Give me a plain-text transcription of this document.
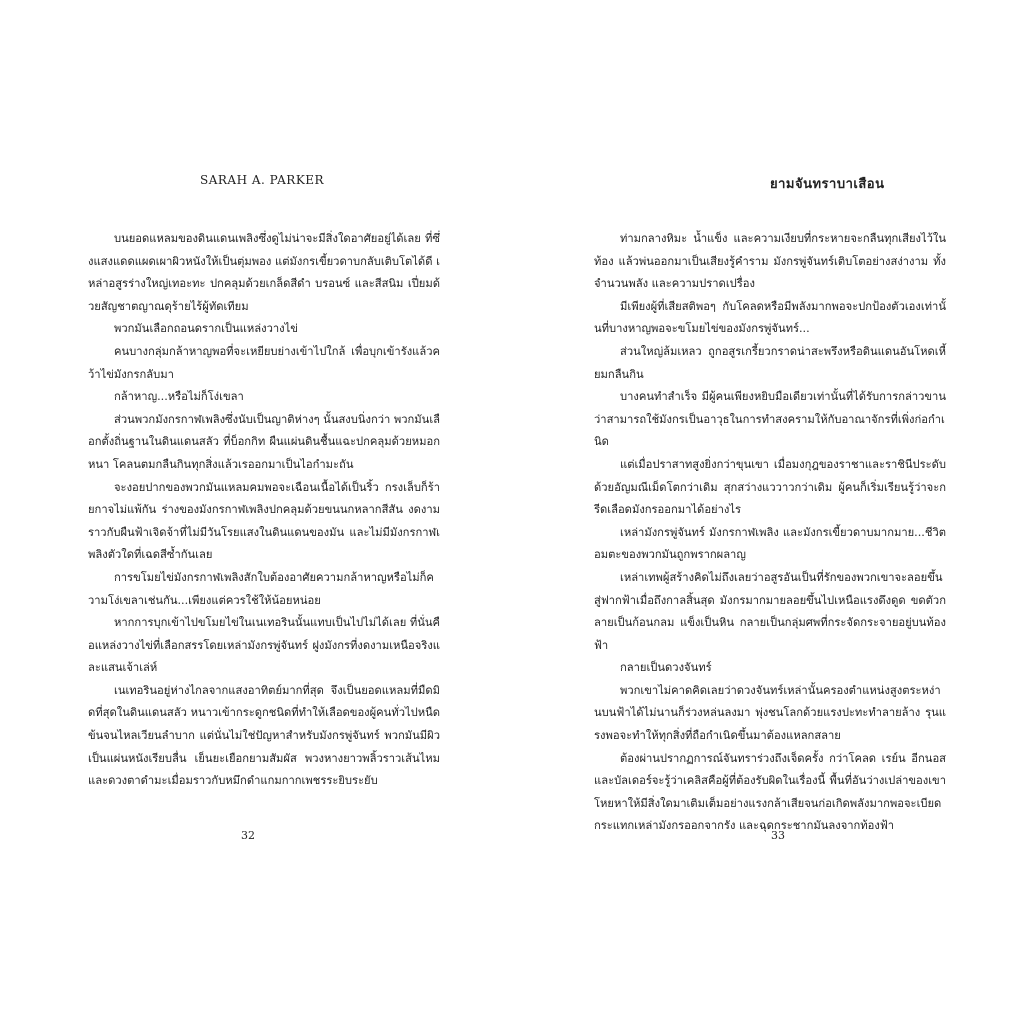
SARAH A. PARKER

บนยอดแหลมของดินแดนเพลิงซึ่งดูไม่น่าจะมีสิ่งใดอาศัยอยู่ได้เลย ที่ซึ่งแสงแดดแผดเผาผิวหนังให้เป็นตุ่มพอง แต่มังกรเขี้ยวดาบกลับเติบโตได้ดี เหล่าอสูรร่างใหญ่เทอะทะ ปกคลุมด้วยเกล็ดสีดำ บรอนซ์ และสีสนิม เปี่ยมด้วยสัญชาตญาณดุร้ายไร้ผู้ทัดเทียม

พวกมันเลือกถอนดรากเป็นแหล่งวางไข่

คนบางกลุ่มกล้าหาญพอที่จะเหยียบย่างเข้าไปใกล้ เพื่อบุกเข้ารังแล้วคว้าไข่มังกรกลับมา

กล้าหาญ...หรือไม่ก็โง่เขลา

ส่วนพวกมังกรกาฬเพลิงซึ่งนับเป็นญาติห่างๆ นั้นสงบนิ่งกว่า พวกมันเลือกตั้งถิ่นฐานในดินแดนสลัว ที่บ็อกกิท ผืนแผ่นดินชื้นแฉะปกคลุมด้วยหมอกหนา โคลนตมกลืนกินทุกสิ่งแล้วเรออกมาเป็นไอกำมะถัน

จะงอยปากของพวกมันแหลมคมพอจะเฉือนเนื้อได้เป็นริ้ว กรงเล็บก็ร้ายกาจไม่แพ้กัน ร่างของมังกรกาฬเพลิงปกคลุมด้วยขนนกหลากสีสัน งดงามราวกับผืนฟ้าเจิดจ้าที่ไม่มีวันโรยแสงในดินแดนของมัน และไม่มีมังกรกาฬเพลิงตัวใดที่เฉดสีซ้ำกันเลย

การขโมยไข่มังกรกาฬเพลิงสักใบต้องอาศัยความกล้าหาญหรือไม่ก็ความโง่เขลาเช่นกัน...เพียงแต่ควรใช้ให้น้อยหน่อย

หากการบุกเข้าไปขโมยไข่ในเนเทอรินนั้นแทบเป็นไปไม่ได้เลย ที่นั่นคือแหล่งวางไข่ที่เลือกสรรโดยเหล่ามังกรพู่จันทร์ ฝูงมังกรที่งดงามเหนือจริงและแสนเจ้าเล่ห์

เนเทอรินอยู่ห่างไกลจากแสงอาทิตย์มากที่สุด จึงเป็นยอดแหลมที่มืดมิดที่สุดในดินแดนสลัว หนาวเข้ากระดูกชนิดที่ทำให้เลือดของผู้คนทั่วไปหนืดข้นจนไหลเวียนลำบาก แต่นั่นไม่ใช่ปัญหาสำหรับมังกรพู่จันทร์ พวกมันมีผิวเป็นแผ่นหนังเรียบลื่น เย็นยะเยือกยามสัมผัส พวงหางยาวพลิ้วราวเส้นไหม และดวงตาดำมะเมื่อมราวกับหมึกดำแกมกากเพชรระยิบระยับ

32
ยามจันทราบาเสือน

ท่ามกลางหิมะ น้ำแข็ง และความเงียบที่กระหายจะกลืนทุกเสียงไว้ในท้อง แล้วพ่นออกมาเป็นเสียงรู้คำราม มังกรพู่จันทร์เติบโตอย่างสง่างาม ทั้งจำนวนพลัง และความปราดเปรื่อง

มีเพียงผู้ที่เสียสติพอๆ กับโคลดหรือมีพลังมากพอจะปกป้องตัวเองเท่านั้นที่บางหาญพอจะขโมยไข่ของมังกรพู่จันทร์...

ส่วนใหญ่ล้มเหลว ถูกอสูรเกรี้ยวกราดน่าสะพรึงหรือดินแดนอันโหดเหี้ยมกลืนกิน

บางคนทำสำเร็จ มีผู้คนเพียงหยิบมือเดียวเท่านั้นที่ได้รับการกล่าวขานว่าสามารถใช้มังกรเป็นอาวุธในการทำสงครามให้กับอาณาจักรที่เพิ่งก่อกำเนิด

แต่เมื่อปราสาทสูงยิ่งกว่าขุนเขา เมื่อมงกุฎของราชาและราชินีประดับด้วยอัญมณีเม็ดโตกว่าเดิม สุกสว่างแววาวกว่าเดิม ผู้คนก็เริ่มเรียนรู้ว่าจะกรีดเลือดมังกรออกมาได้อย่างไร

เหล่ามังกรพู่จันทร์ มังกรกาฬเพลิง และมังกรเขี้ยวดาบมากมาย...ชีวิตอมตะของพวกมันถูกพรากผลาญ

เหล่าเทพผู้สร้างคิดไม่ถึงเลยว่าอสูรอันเป็นที่รักของพวกเขาจะลอยขึ้นสู่ฟากฟ้าเมื่อถึงกาลสิ้นสุด มังกรมากมายลอยขึ้นไปเหนือแรงดึงดูด ขดตัวกลายเป็นก้อนกลม แข็งเป็นหิน กลายเป็นกลุ่มศพที่กระจัดกระจายอยู่บนท้องฟ้า

กลายเป็นดวงจันทร์

พวกเขาไม่คาดคิดเลยว่าดวงจันทร์เหล่านั้นครองตำแหน่งสูงตระหง่านบนฟ้าได้ไม่นานก็ร่วงหล่นลงมา พุ่งชนโลกด้วยแรงปะทะทำลายล้าง รุนแรงพอจะทำให้ทุกสิ่งที่ถือกำเนิดขึ้นมาต้องแหลกสลาย

ต้องผ่านปรากฏการณ์จันทราร่วงถึงเจ็ดครั้ง กว่าโคลด เรย์น อีกนอส และบัลเดอร์จะรู้ว่าเคลิสคือผู้ที่ต้องรับผิดในเรื่องนี้ พื้นที่อันว่างเปล่าของเขาโหยหาให้มีสิ่งใดมาเติมเต็มอย่างแรงกล้าเสียจนก่อเกิดพลังมากพอจะเบียดกระแทกเหล่ามังกรออกจากรัง และฉุดกระชากมันลงจากท้องฟ้า

33
